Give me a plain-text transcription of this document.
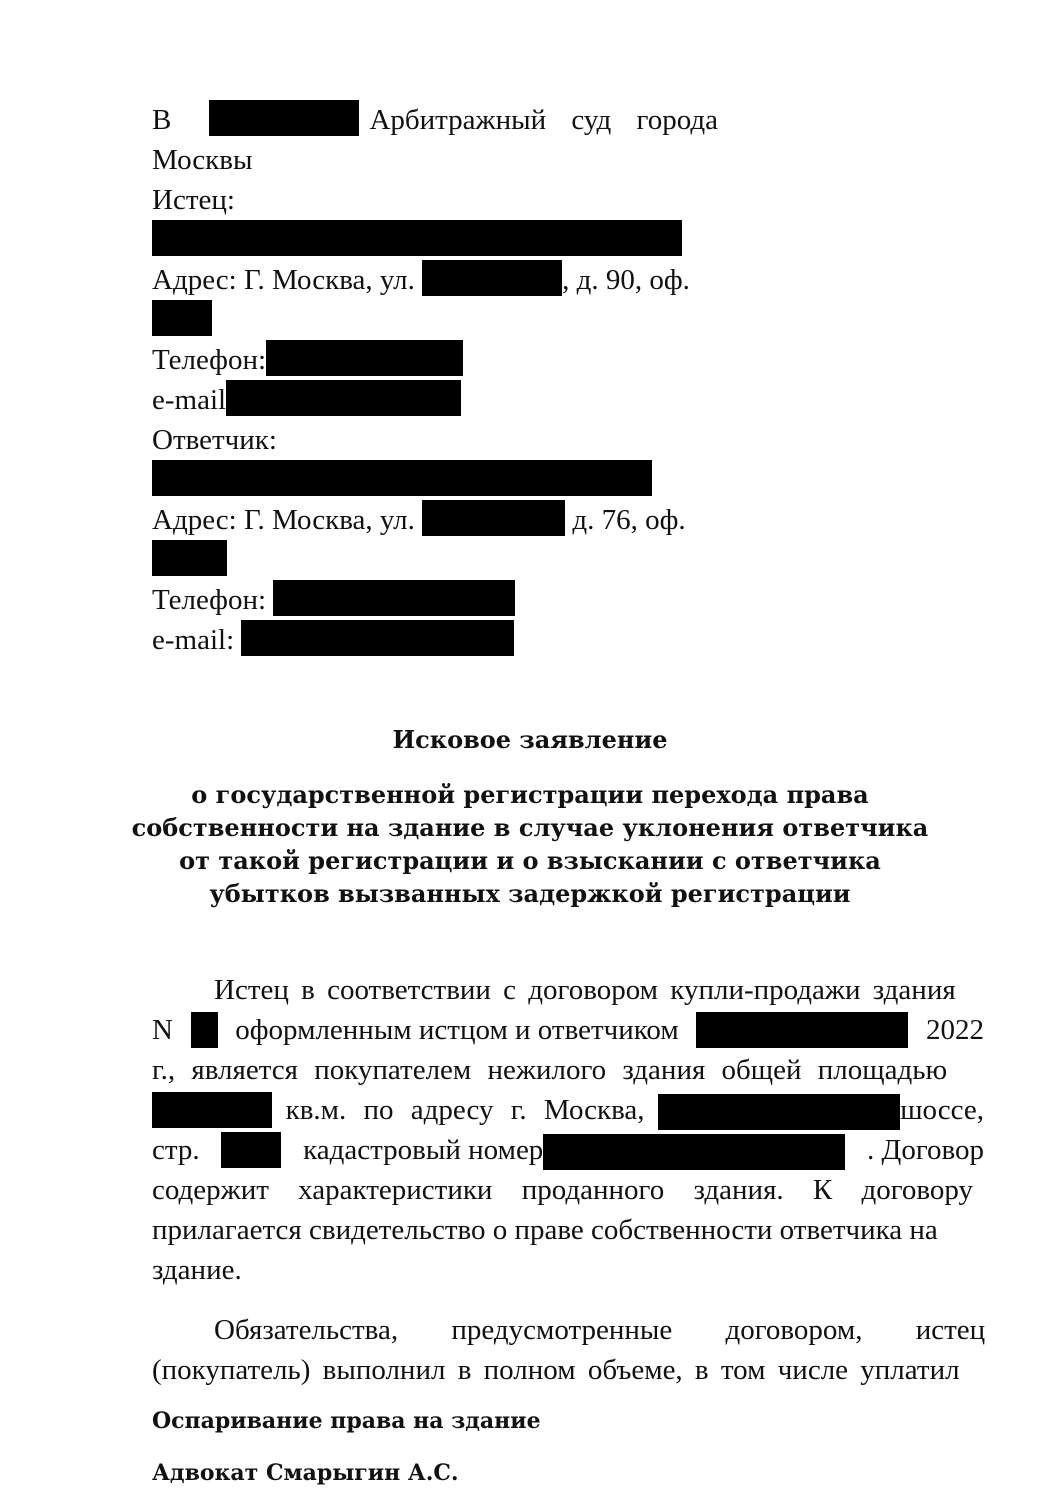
В	Арбитражный суд города
Москвы
Истец:
Адрес: Г. Москва, ул.	, д. 90, оф.
Телефон:
e-mail
Ответчик:
Адрес: Г. Москва, ул.	д. 76, оф.
Телефон:
e-mail:
Исковое заявление
о государственной регистрации перехода права
собственности на здание в случае уклонения ответчика
от такой регистрации и о взыскании с ответчика
убытков вызванных задержкой регистрации
Истец в соответствии с договором купли-продажи здания
N оформленным истцом и ответчиком	2022
г., является покупателем нежилого здания общей площадью
кв.м. по адресу г. Москва,	шоссе,
стр.	кадастровый номер	. Договор
содержит характеристики проданного здания. К договору
прилагается свидетельство о праве собственности ответчика на
здание.
Обязательства, предусмотренные договором, истец
(покупатель) выполнил в полном объеме, в том числе уплатил
Оспаривание права на здание
Адвокат Смарыгин А.С.
